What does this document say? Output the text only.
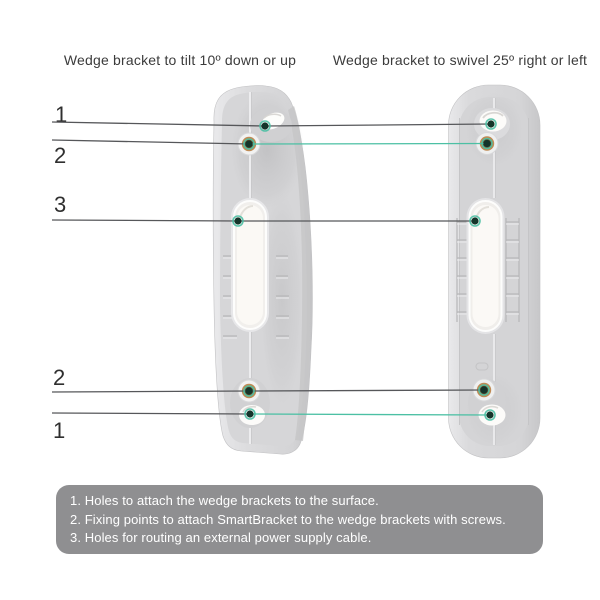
Wedge bracket to tilt 10º down or up	Wedge bracket to swivel 25º right or left
1
2
3
2
1
1. Holes to attach the wedge brackets to the surface.
2. Fixing points to attach SmartBracket to the wedge brackets with screws.
3. Holes for routing an external power supply cable.
